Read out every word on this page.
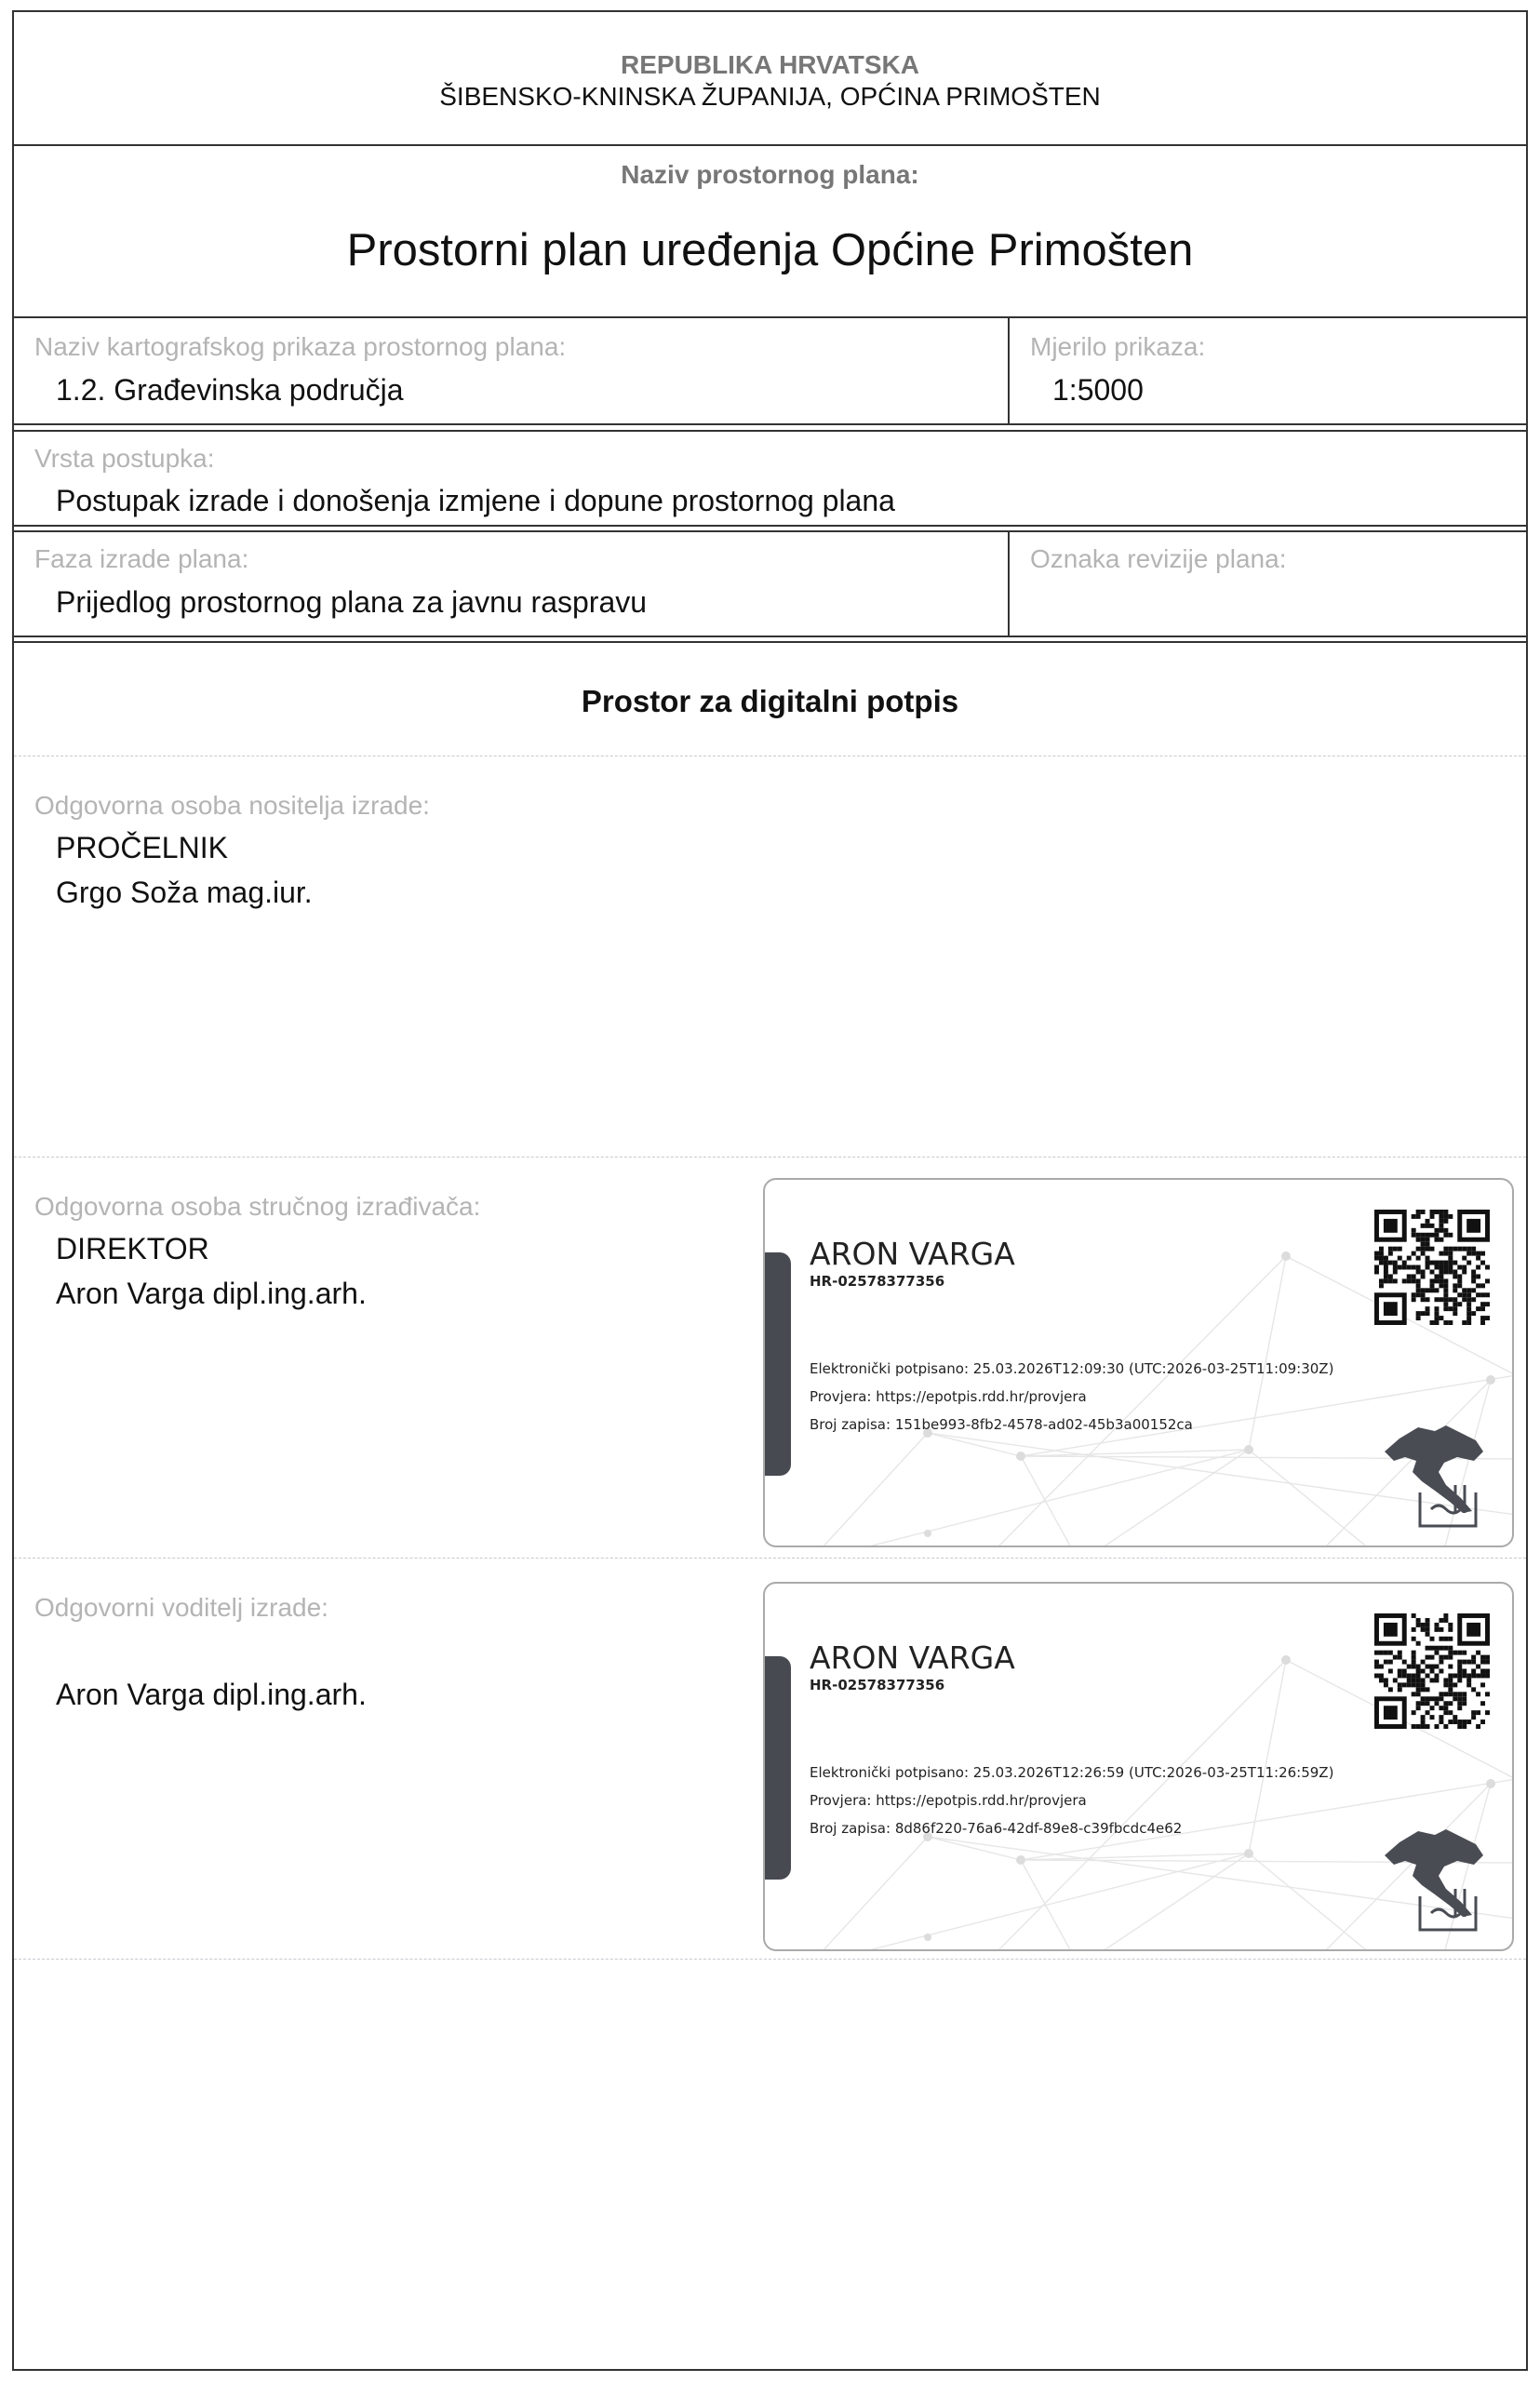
REPUBLIKA HRVATSKA
ŠIBENSKO-KNINSKA ŽUPANIJA, OPĆINA PRIMOŠTEN
Naziv prostornog plana:
Prostorni plan uređenja Općine Primošten
Naziv kartografskog prikaza prostornog plana:
1.2. Građevinska područja
Mjerilo prikaza:
1:5000
Vrsta postupka:
Postupak izrade i donošenja izmjene i dopune prostornog plana
Faza izrade plana:
Prijedlog prostornog plana za javnu raspravu
Oznaka revizije plana:
Prostor za digitalni potpis
Odgovorna osoba nositelja izrade:
PROČELNIK
Grgo Soža mag.iur.
Odgovorna osoba stručnog izrađivača:
DIREKTOR
Aron Varga dipl.ing.arh.
Odgovorni voditelj izrade:
Aron Varga dipl.ing.arh.
ARON VARGA
HR-02578377356
Elektronički potpisano: 25.03.2026T12:09:30 (UTC:2026-03-25T11:09:30Z)
Provjera: https://epotpis.rdd.hr/provjera
Broj zapisa: 151be993-8fb2-4578-ad02-45b3a00152ca
ARON VARGA
HR-02578377356
Elektronički potpisano: 25.03.2026T12:26:59 (UTC:2026-03-25T11:26:59Z)
Provjera: https://epotpis.rdd.hr/provjera
Broj zapisa: 8d86f220-76a6-42df-89e8-c39fbcdc4e62
